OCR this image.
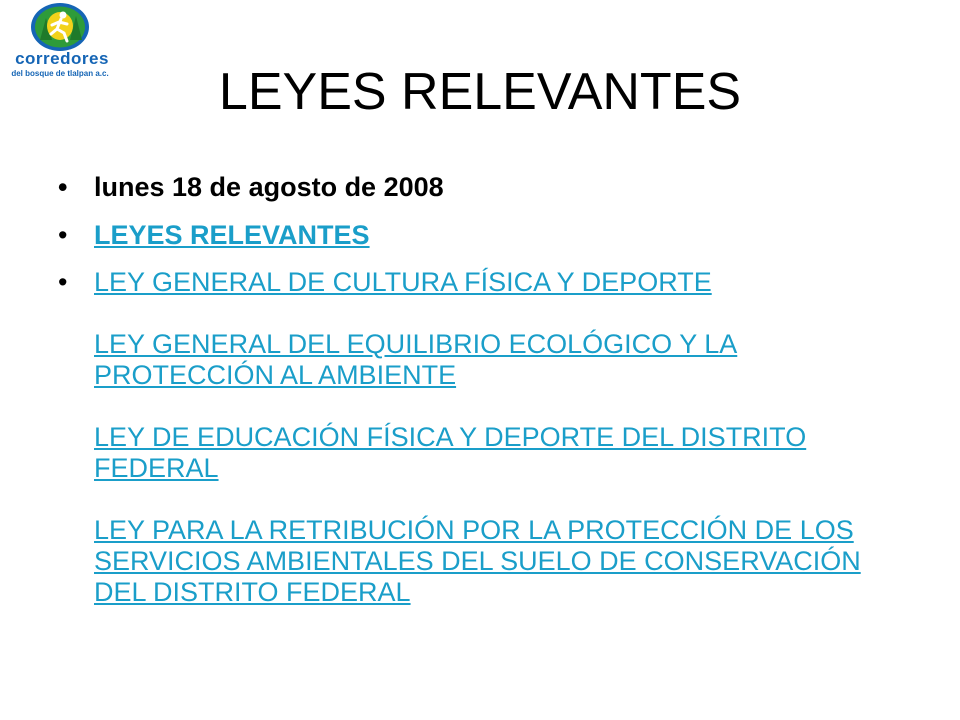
corredores
del bosque de tlalpan a.c.	LEYES RELEVANTES
• lunes 18 de agosto de 2008
• LEYES RELEVANTES
• LEY GENERAL DE CULTURA FÍSICA Y DEPORTE
LEY GENERAL DEL EQUILIBRIO ECOLÓGICO Y LA PROTECCIÓN AL AMBIENTE
LEY DE EDUCACIÓN FÍSICA Y DEPORTE DEL DISTRITO FEDERAL
LEY PARA LA RETRIBUCIÓN POR LA PROTECCIÓN DE LOS SERVICIOS AMBIENTALES DEL SUELO DE CONSERVACIÓN DEL DISTRITO FEDERAL
